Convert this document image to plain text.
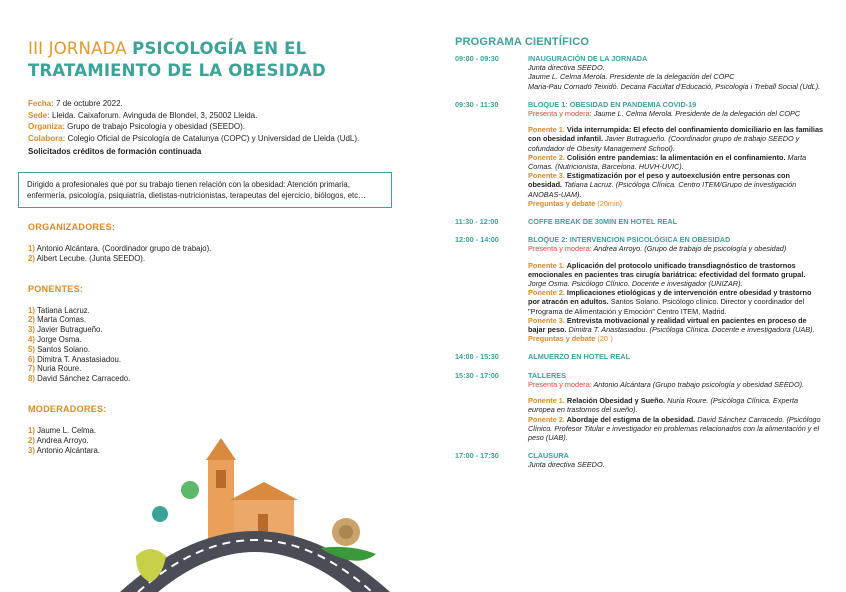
III JORNADA PSICOLOGÍA EN EL
TRATAMIENTO DE LA OBESIDAD
Fecha: 7 de octubre 2022.
Sede: Lleida. Caixaforum. Avinguda de Blondel, 3, 25002 Lleida.
Organiza: Grupo de trabajo Psicología y obesidad (SEEDO).
Colabora: Colegio Oficial de Psicología de Catalunya (COPC) y Universidad de Lleida (UdL).
Solicitados créditos de formación continuada
Dirigido a profesionales que por su trabajo tienen relación con la obesidad: Atención primaria, enfermería, psicología, psiquiatría, dietistas-nutricionistas, terapeutas del ejercicio, biólogos, etc…
ORGANIZADORES:
1) Antonio Alcántara. (Coordinador grupo de trabajo).
2) Albert Lecube. (Junta SEEDO).
PONENTES:
1) Tatiana Lacruz.
2) Marta Comas.
3) Javier Butragueño.
4) Jorge Osma.
5) Santos Solano.
6) Dimitra T. Anastasiadou.
7) Nuria Roure.
8) David Sánchez Carracedo.
MODERADORES:
1) Jaume L. Celma.
2) Andrea Arroyo.
3) Antonio Alcántara.
PROGRAMA CIENTÍFICO
09:00 - 09:30	INAUGURACIÓN DE LA JORNADA
Junta directiva SEEDO.
Jaume L. Celma Merola. Presidente de la delegación del COPC
Maria-Pau Cornadó Teixidó. Decana Facultat d'Educació, Psicologia i Treball Social (UdL).
09:30 - 11:30	BLOQUE 1: OBESIDAD EN PANDEMIA COVID-19
Presenta y modera: Jaume L. Celma Merola. Presidente de la delegación del COPC
Ponente 1. Vida interrumpida: El efecto del confinamiento domiciliario en las familias con obesidad infantil. Javier Butragueño. (Coordinador grupo de trabajo SEEDO y cofundador de Obesity Management School).
Ponente 2. Colisión entre pandemias: la alimentación en el confinamiento. Marta Comas. (Nutricionista, Barcelona. HUVH-UVIC).
Ponente 3. Estigmatización por el peso y autoexclusión entre personas con obesidad. Tatiana Lacruz. (Psicóloga Clínica. Centro ITEM/Grupo de investigación ANOBAS-UAM).
Preguntas y debate (20min)
11:30 - 12:00	COFFE BREAK DE 30MIN EN HOTEL REAL
12:00 - 14:00	BLOQUE 2: INTERVENCION PSICOLÓGICA EN OBESIDAD
Presenta y modera: Andrea Arroyo. (Grupo de trabajo de psicología y obesidad)
Ponente 1. Aplicación del protocolo unificado transdiagnóstico de trastornos emocionales en pacientes tras cirugía bariátrica: efectividad del formato grupal. Jorge Osma. Psicólogo Clínico. Docente e investigador (UNIZAR).
Ponente 2. Implicaciones etiológicas y de intervención entre obesidad y trastorno por atracón en adultos. Santos Solano. Psicólogo clínico. Director y coordinador del "Programa de Alimentación y Emoción" Centro ITEM, Madrid.
Ponente 3. Entrevista motivacional y realidad virtual en pacientes en proceso de bajar peso. Dimitra T. Anastasiadou. (Psicóloga Clínica. Docente e investigadora (UAB).
Preguntas y debate (20´)
14:00 - 15:30	ALMUERZO EN HOTEL REAL
15:30 - 17:00	TALLERES
Presenta y modera: Antonio Alcántara (Grupo trabajo psicología y obesidad SEEDO).
Ponente 1. Relación Obesidad y Sueño. Nuria Roure. (Psicóloga Clínica. Experta europea en trastornos del sueño).
Ponente 2. Abordaje del estigma de la obesidad. David Sánchez Carracedo. (Psicólogo Clínico. Profesor Titular e investigador en problemas relacionados con la alimentación y el peso (UAB).
17:00 - 17:30	CLAUSURA
Junta directiva SEEDO.
